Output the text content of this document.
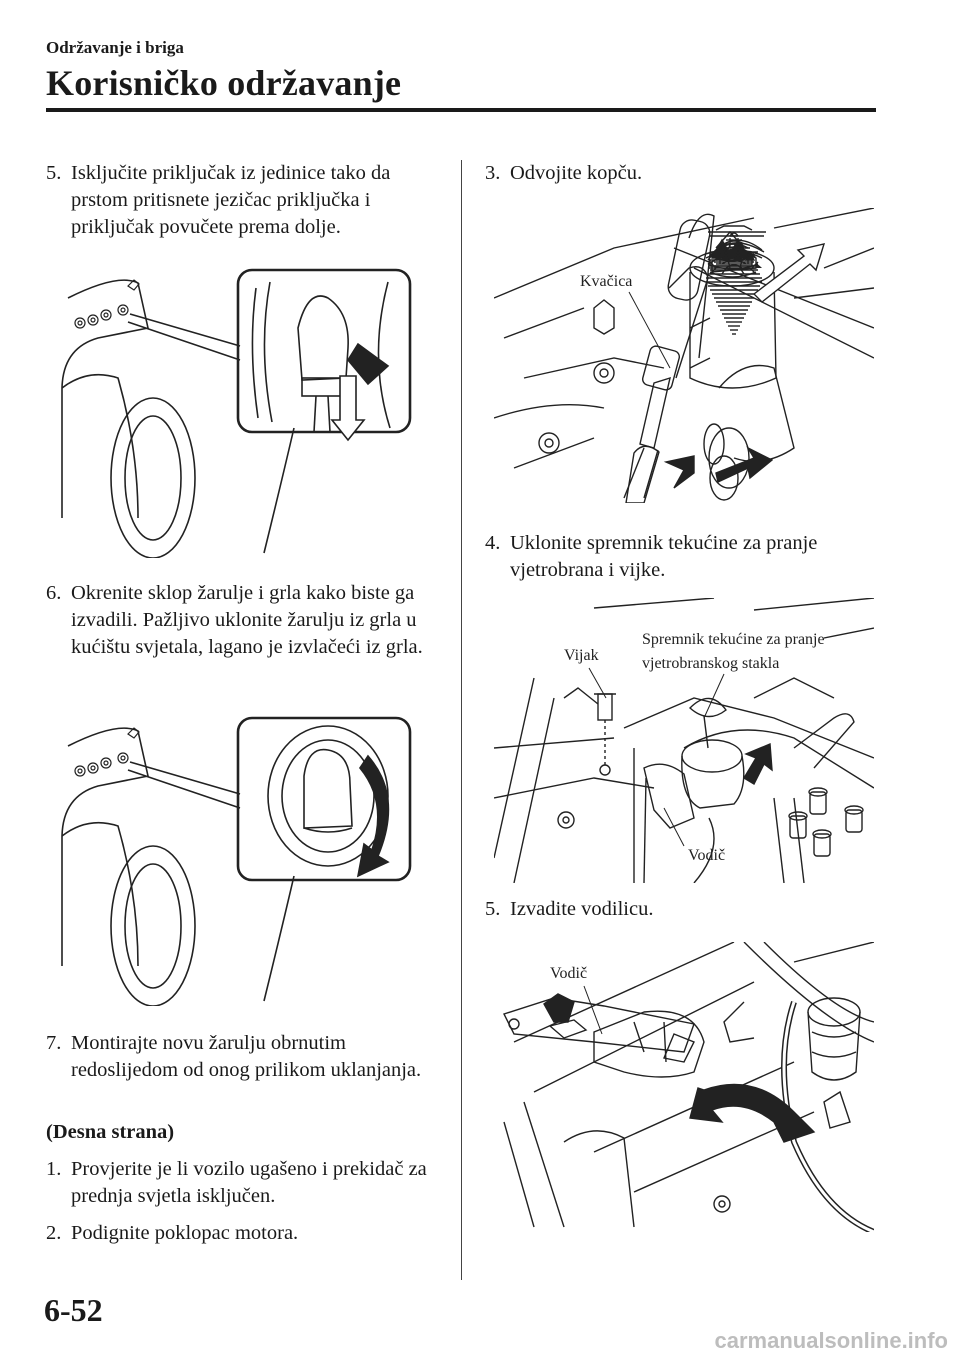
Održavanje i briga
Korisničko održavanje
5. Isključite priključak iz jedinice tako da prstom pritisnete jezičac priključka i priključak povučete prema dolje.
6. Okrenite sklop žarulje i grla kako biste ga izvadili. Pažljivo uklonite žarulju iz grla u kućištu svjetala, lagano je izvlačeći iz grla.
7. Montirajte novu žarulju obrnutim redoslijedom od onog prilikom uklanjanja.
(Desna strana)
1. Provjerite je li vozilo ugašeno i prekidač za prednja svjetla isključen.
2. Podignite poklopac motora.
3. Odvojite kopču.
Kvačica
4. Uklonite spremnik tekućine za pranje vjetrobrana i vijke.
Vijak
Spremnik tekućine za pranje
vjetrobranskog stakla
Vodič
5. Izvadite vodilicu.
Vodič
6-52
carmanualsonline.info
